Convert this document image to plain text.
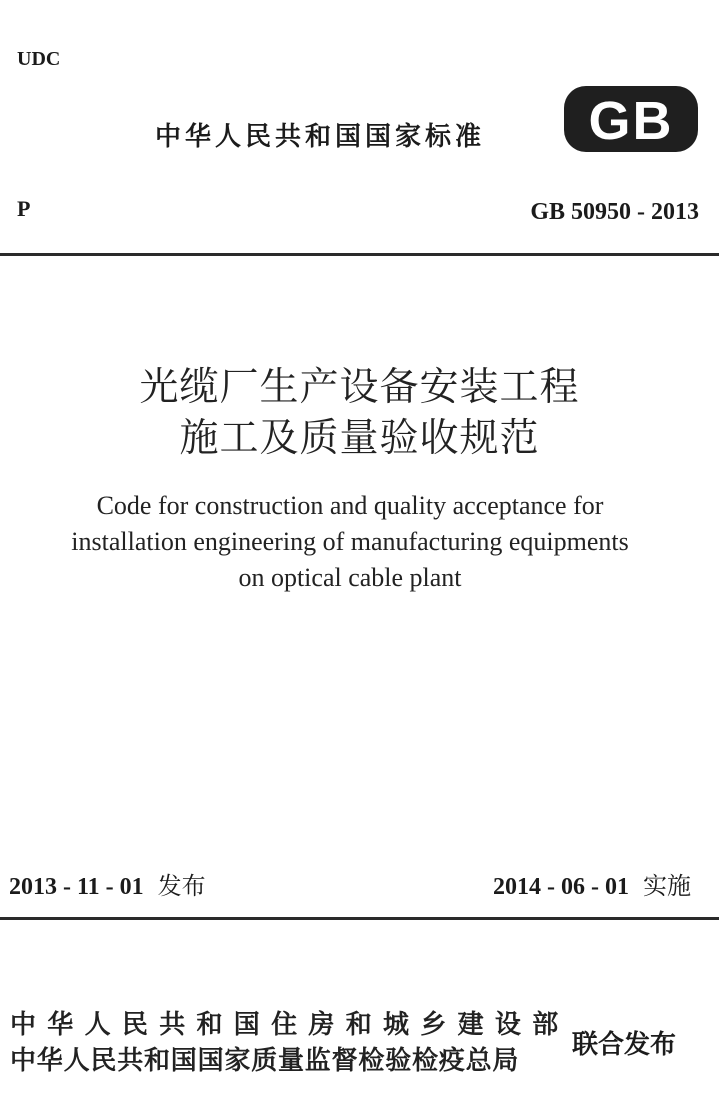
UDC
中华人民共和国国家标准	GB
P	GB 50950 - 2013
光缆厂生产设备安装工程
施工及质量验收规范
Code for construction and quality acceptance for
installation engineering of manufacturing equipments
on optical cable plant
2013 - 11 - 01 发布	2014 - 06 - 01 实施
中华人民共和国住房和城乡建设部
中华人民共和国国家质量监督检验检疫总局
联合发布
